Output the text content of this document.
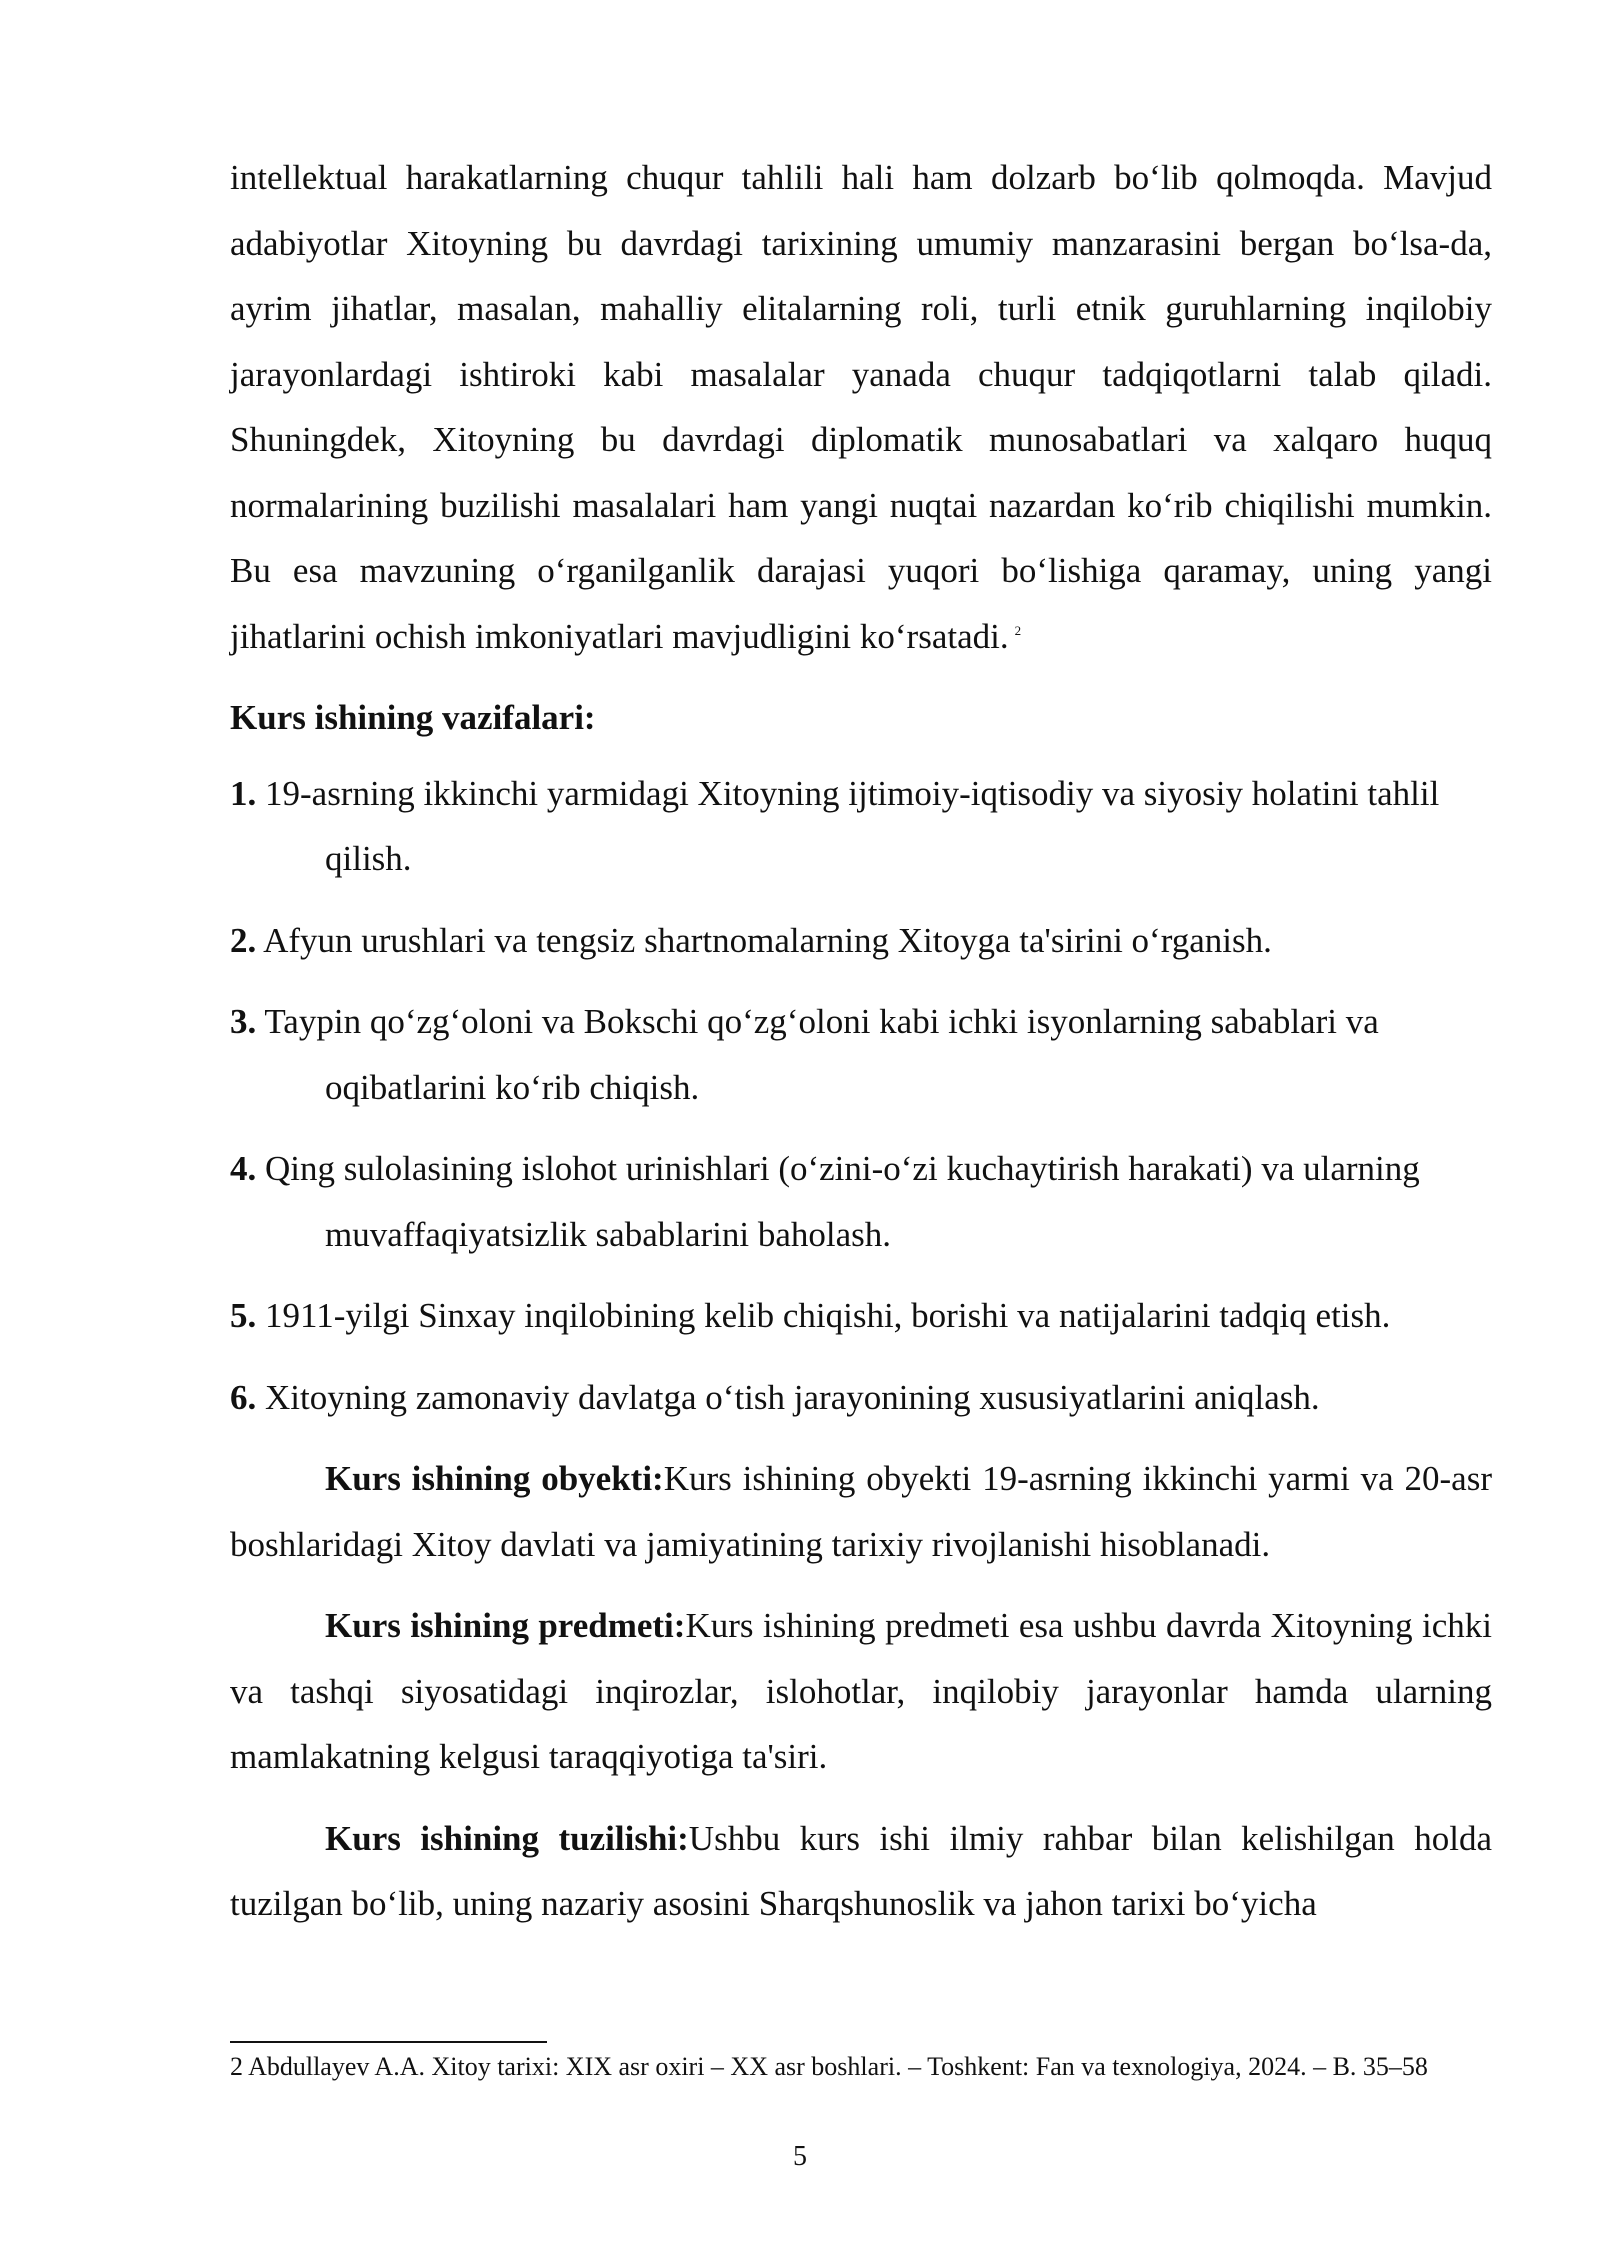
intellektual harakatlarning chuqur tahlili hali ham dolzarb bo‘lib qolmoqda. Mavjud adabiyotlar Xitoyning bu davrdagi tarixining umumiy manzarasini bergan bo‘lsa-da, ayrim jihatlar, masalan, mahalliy elitalarning roli, turli etnik guruhlarning inqilobiy jarayonlardagi ishtiroki kabi masalalar yanada chuqur tadqiqotlarni talab qiladi. Shuningdek, Xitoyning bu davrdagi diplomatik munosabatlari va xalqaro huquq normalarining buzilishi masalalari ham yangi nuqtai nazardan ko‘rib chiqilishi mumkin. Bu esa mavzuning o‘rganilganlik darajasi yuqori bo‘lishiga qaramay, uning yangi jihatlarini ochish imkoniyatlari mavjudligini ko‘rsatadi. $^2$

Kurs ishining vazifalari:

1. 19-asrning ikkinchi yarmidagi Xitoyning ijtimoiy-iqtisodiy va siyosiy holatini tahlil qilish.
2. Afyun urushlari va tengsiz shartnomalarning Xitoyga ta'sirini o‘rganish.
3. Taypin qo‘zg‘oloni va Bokschi qo‘zg‘oloni kabi ichki isyonlarning sabablari va oqibatlarini ko‘rib chiqish.
4. Qing sulolasining islohot urinishlari (o‘zini-o‘zi kuchaytirish harakati) va ularning muvaffaqiyatsizlik sabablarini baholash.
5. 1911-yilgi Sinxay inqilobining kelib chiqishi, borishi va natijalarini tadqiq etish.
6. Xitoyning zamonaviy davlatga o‘tish jarayonining xususiyatlarini aniqlash.

Kurs ishining obyekti:Kurs ishining obyekti 19-asrning ikkinchi yarmi va 20-asr boshlaridagi Xitoy davlati va jamiyatining tarixiy rivojlanishi hisoblanadi.

Kurs ishining predmeti:Kurs ishining predmeti esa ushbu davrda Xitoyning ichki va tashqi siyosatidagi inqirozlar, islohotlar, inqilobiy jarayonlar hamda ularning mamlakatning kelgusi taraqqiyotiga ta'siri.

Kurs ishining tuzilishi:Ushbu kurs ishi ilmiy rahbar bilan kelishilgan holda tuzilgan bo‘lib, uning nazariy asosini Sharqshunoslik va jahon tarixi bo‘yicha

2 Abdullayev A.A. Xitoy tarixi: XIX asr oxiri – XX asr boshlari. – Toshkent: Fan va texnologiya, 2024. – B. 35–58

5
